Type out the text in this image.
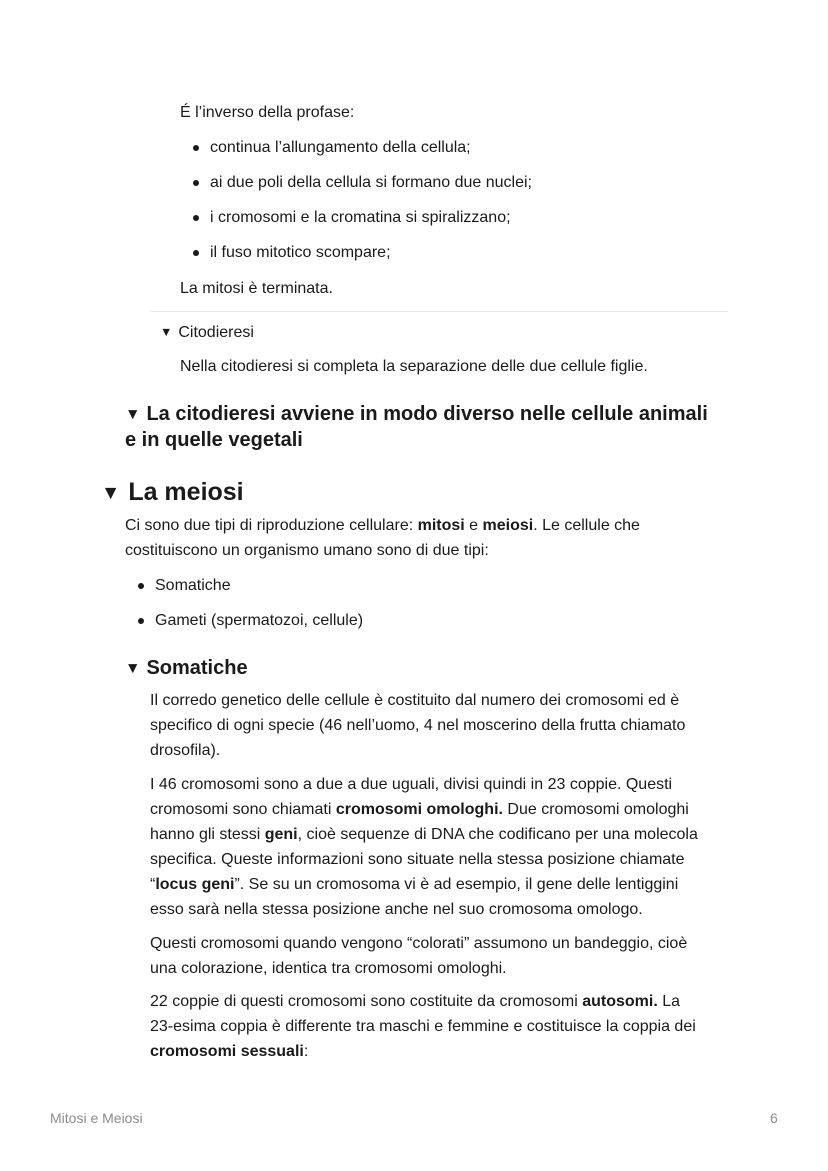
É l’inverso della profase:

continua l’allungamento della cellula;
ai due poli della cellula si formano due nuclei;
i cromosomi e la cromatina si spiralizzano;
il fuso mitotico scompare;

La mitosi è terminata.

▼ Citodieresi

Nella citodieresi si completa la separazione delle due cellule figlie.

▼ La citodieresi avviene in modo diverso nelle cellule animali
e in quelle vegetali
▼ La meiosi

Ci sono due tipi di riproduzione cellulare: mitosi e meiosi. Le cellule che

costituiscono un organismo umano sono di due tipi:

Somatiche
Gameti (spermatozoi, cellule)
▼ Somatiche

Il corredo genetico delle cellule è costituito dal numero dei cromosomi ed è

specifico di ogni specie (46 nell’uomo, 4 nel moscerino della frutta chiamato

drosofila).

I 46 cromosomi sono a due a due uguali, divisi quindi in 23 coppie. Questi

cromosomi sono chiamati cromosomi omologhi. Due cromosomi omologhi

hanno gli stessi geni, cioè sequenze di DNA che codificano per una molecola

specifica. Queste informazioni sono situate nella stessa posizione chiamate

“locus geni”. Se su un cromosoma vi è ad esempio, il gene delle lentiggini

esso sarà nella stessa posizione anche nel suo cromosoma omologo.

Questi cromosomi quando vengono “colorati” assumono un bandeggio, cioè

una colorazione, identica tra cromosomi omologhi.

22 coppie di questi cromosomi sono costituite da cromosomi autosomi. La

23-esima coppia è differente tra maschi e femmine e costituisce la coppia dei

cromosomi sessuali:

Mitosi e Meiosi	6
